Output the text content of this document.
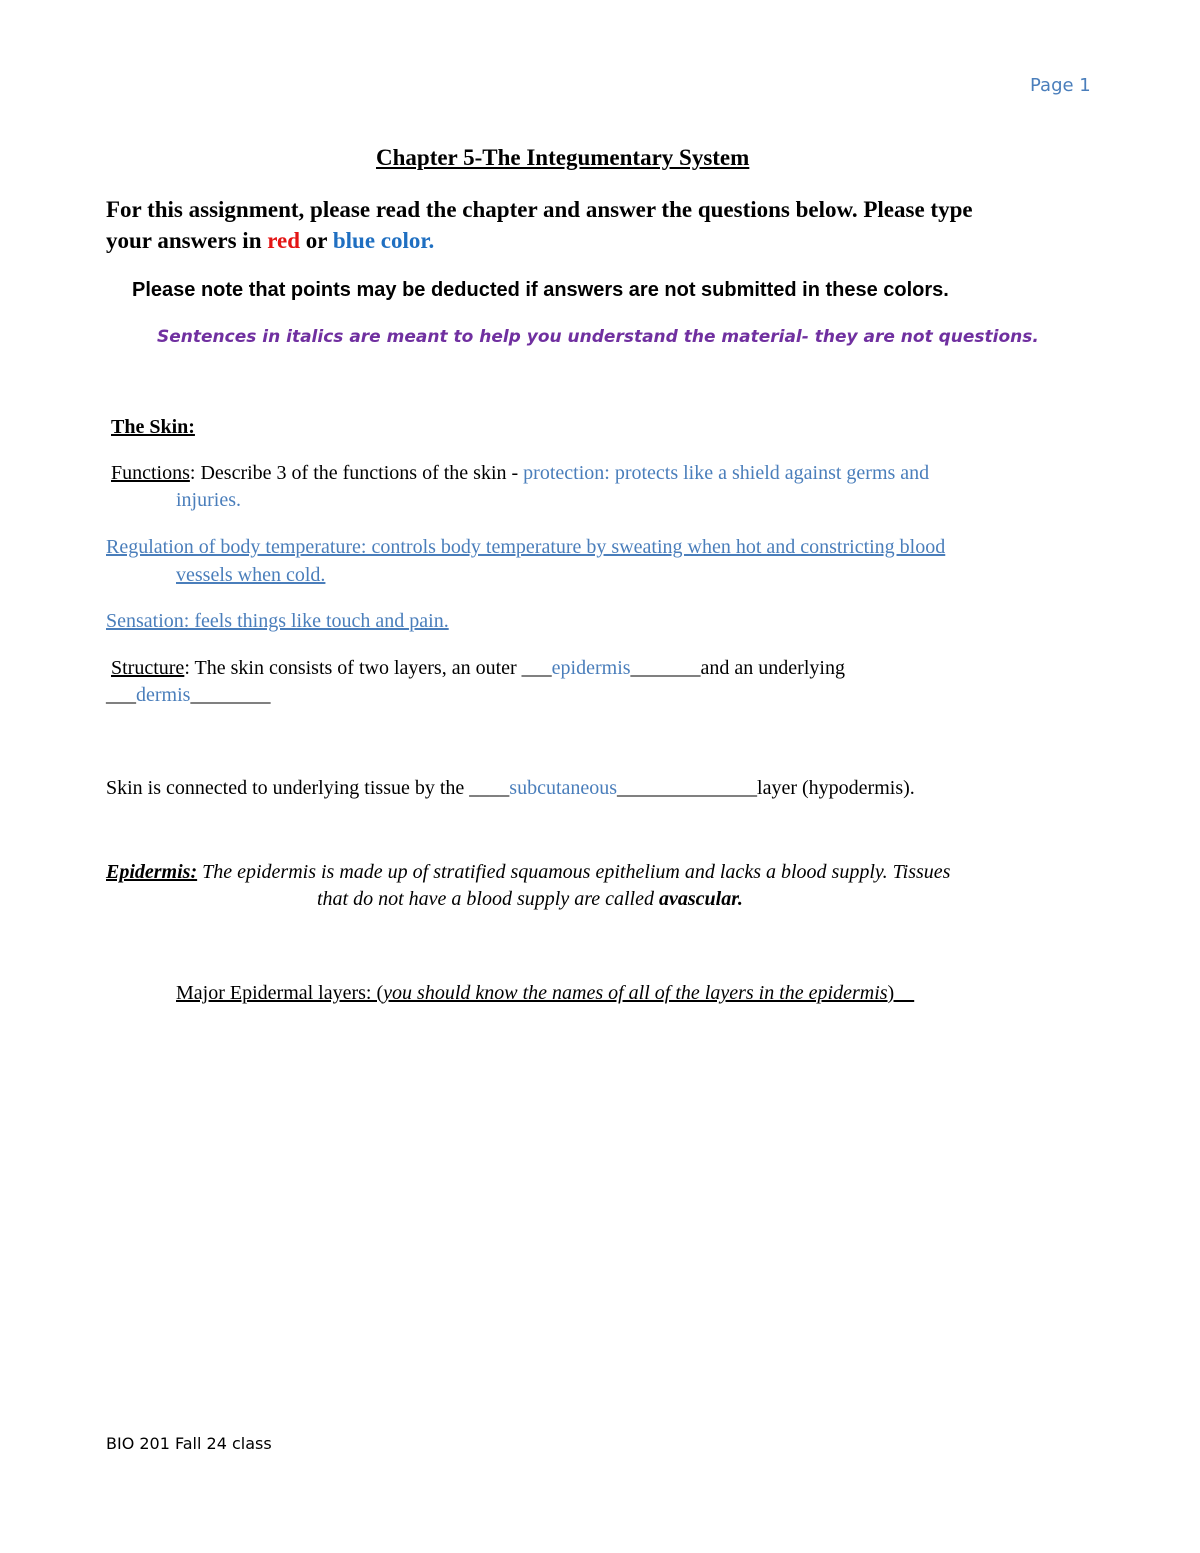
Page 1
Chapter 5-The Integumentary System
For this assignment, please read the chapter and answer the questions below. Please type
your answers in red or blue color.
Please note that points may be deducted if answers are not submitted in these colors.
Sentences in italics are meant to help you understand the material- they are not questions.
The Skin:
Functions: Describe 3 of the functions of the skin - protection: protects like a shield against germs and
injuries.
Regulation of body temperature: controls body temperature by sweating when hot and constricting blood
vessels when cold.
Sensation: feels things like touch and pain.
Structure: The skin consists of two layers, an outer ___epidermis_______and an underlying
___dermis________
Skin is connected to underlying tissue by the ____subcutaneous______________layer (hypodermis).
Epidermis: The epidermis is made up of stratified squamous epithelium and lacks a blood supply. Tissues
that do not have a blood supply are called avascular.
Major Epidermal layers: (you should know the names of all of the layers in the epidermis)
BIO 201 Fall 24 class
